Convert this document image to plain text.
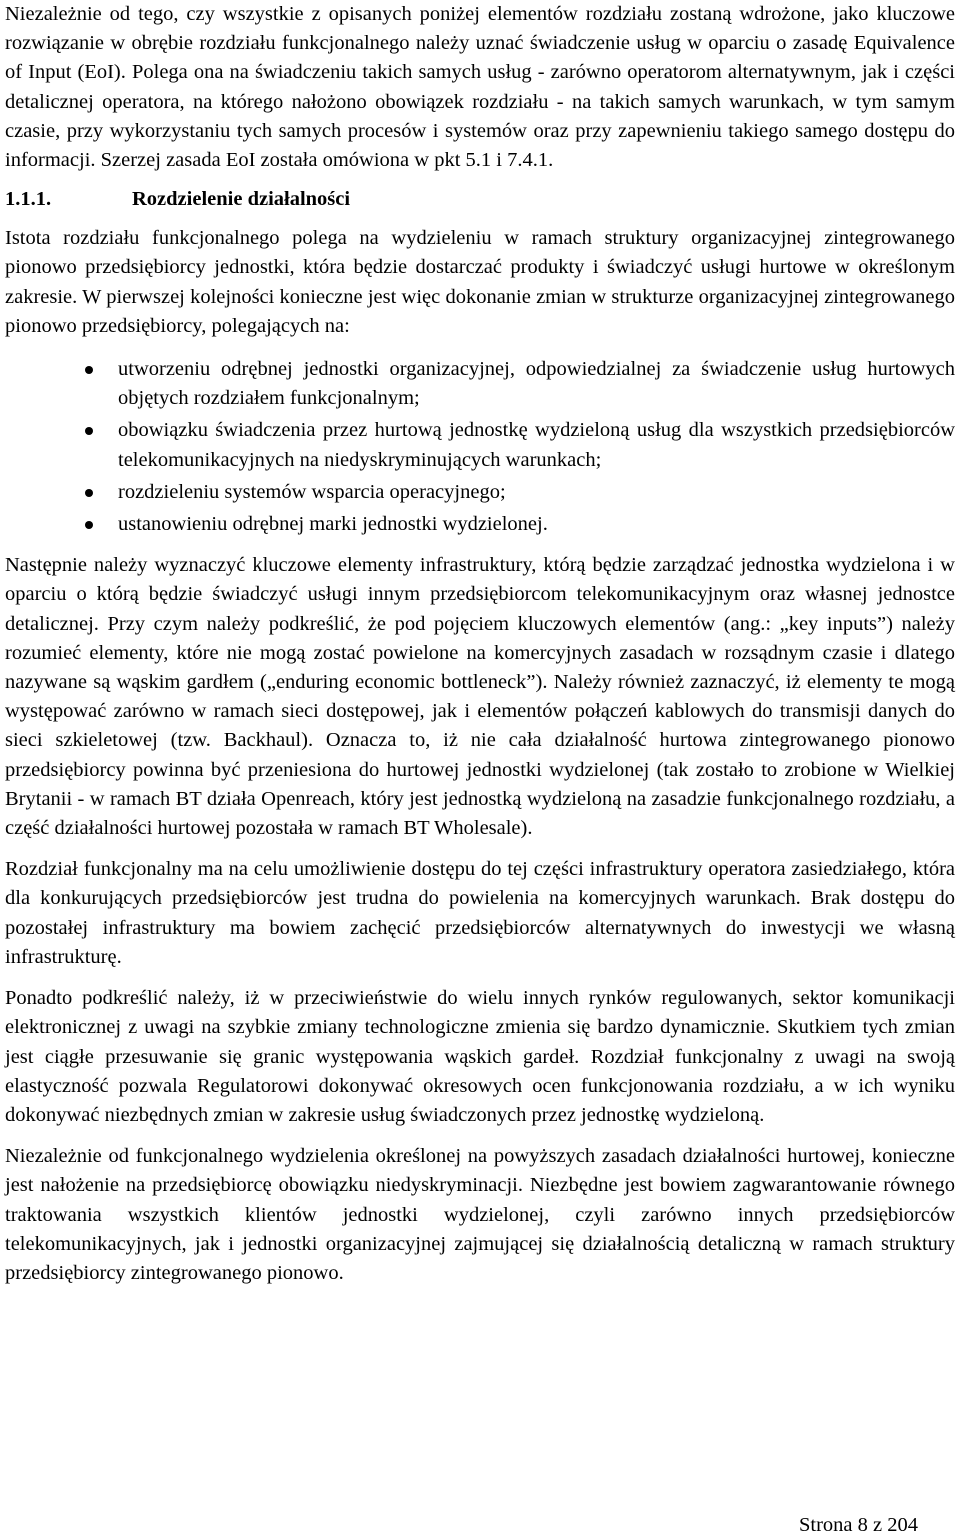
Niezależnie od tego, czy wszystkie z opisanych poniżej elementów rozdziału zostaną wdrożone, jako kluczowe rozwiązanie w obrębie rozdziału funkcjonalnego należy uznać świadczenie usług w oparciu o zasadę Equivalence of Input (EoI). Polega ona na świadczeniu takich samych usług - zarówno operatorom alternatywnym, jak i części detalicznej operatora, na którego nałożono obowiązek rozdziału - na takich samych warunkach, w tym samym czasie, przy wykorzystaniu tych samych procesów i systemów oraz przy zapewnieniu takiego samego dostępu do informacji. Szerzej zasada EoI została omówiona w pkt 5.1 i 7.4.1.

1.1.1.	Rozdzielenie działalności

Istota rozdziału funkcjonalnego polega na wydzieleniu w ramach struktury organizacyjnej zintegrowanego pionowo przedsiębiorcy jednostki, która będzie dostarczać produkty i świadczyć usługi hurtowe w określonym zakresie. W pierwszej kolejności konieczne jest więc dokonanie zmian w strukturze organizacyjnej zintegrowanego pionowo przedsiębiorcy, polegających na:

utworzeniu odrębnej jednostki organizacyjnej, odpowiedzialnej za świadczenie usług hurtowych objętych rozdziałem funkcjonalnym;
obowiązku świadczenia przez hurtową jednostkę wydzieloną usług dla wszystkich przedsiębiorców telekomunikacyjnych na niedyskryminujących warunkach;
rozdzieleniu systemów wsparcia operacyjnego;
ustanowieniu odrębnej marki jednostki wydzielonej.

Następnie należy wyznaczyć kluczowe elementy infrastruktury, którą będzie zarządzać jednostka wydzielona i w oparciu o którą będzie świadczyć usługi innym przedsiębiorcom telekomunikacyjnym oraz własnej jednostce detalicznej. Przy czym należy podkreślić, że pod pojęciem kluczowych elementów (ang.: „key inputs”) należy rozumieć elementy, które nie mogą zostać powielone na komercyjnych zasadach w rozsądnym czasie i dlatego nazywane są wąskim gardłem („enduring economic bottleneck”). Należy również zaznaczyć, iż elementy te mogą występować zarówno w ramach sieci dostępowej, jak i elementów połączeń kablowych do transmisji danych do sieci szkieletowej (tzw. Backhaul). Oznacza to, iż nie cała działalność hurtowa zintegrowanego pionowo przedsiębiorcy powinna być przeniesiona do hurtowej jednostki wydzielonej (tak zostało to zrobione w Wielkiej Brytanii - w ramach BT działa Openreach, który jest jednostką wydzieloną na zasadzie funkcjonalnego rozdziału, a część działalności hurtowej pozostała w ramach BT Wholesale).

Rozdział funkcjonalny ma na celu umożliwienie dostępu do tej części infrastruktury operatora zasiedziałego, która dla konkurujących przedsiębiorców jest trudna do powielenia na komercyjnych warunkach. Brak dostępu do pozostałej infrastruktury ma bowiem zachęcić przedsiębiorców alternatywnych do inwestycji we własną infrastrukturę.

Ponadto podkreślić należy, iż w przeciwieństwie do wielu innych rynków regulowanych, sektor komunikacji elektronicznej z uwagi na szybkie zmiany technologiczne zmienia się bardzo dynamicznie. Skutkiem tych zmian jest ciągłe przesuwanie się granic występowania wąskich gardeł. Rozdział funkcjonalny z uwagi na swoją elastyczność pozwala Regulatorowi dokonywać okresowych ocen funkcjonowania rozdziału, a w ich wyniku dokonywać niezbędnych zmian w zakresie usług świadczonych przez jednostkę wydzieloną.

Niezależnie od funkcjonalnego wydzielenia określonej na powyższych zasadach działalności hurtowej, konieczne jest nałożenie na przedsiębiorcę obowiązku niedyskryminacji. Niezbędne jest bowiem zagwarantowanie równego traktowania wszystkich klientów jednostki wydzielonej, czyli zarówno innych przedsiębiorców telekomunikacyjnych, jak i jednostki organizacyjnej zajmującej się działalnością detaliczną w ramach struktury przedsiębiorcy zintegrowanego pionowo.

Strona 8 z 204
